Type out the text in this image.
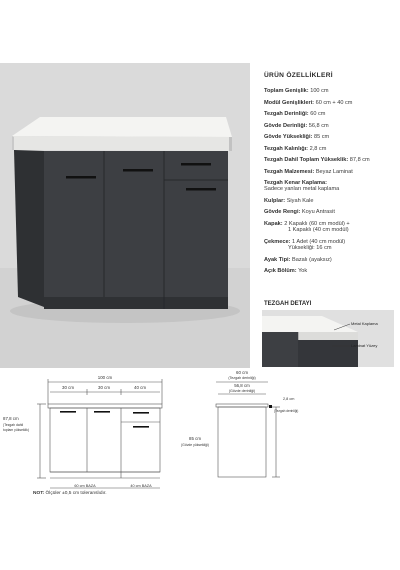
ÜRÜN ÖZELLİKLERİ
Toplam Genişlik: 100 cm
Modül Genişlikleri: 60 cm + 40 cm
Tezgah Derinliği: 60 cm
Gövde Derinliği: 56,8 cm
Gövde Yüksekliği: 85 cm
Tezgah Kalınlığı: 2,8 cm
Tezgah Dahil Toplam Yükseklik: 87,8 cm
Tezgah Malzemesi: Beyaz Laminat
Tezgah Kenar Kaplama:
Sadece yanları metal kaplama
Kulplar: Siyah Kale
Gövde Rengi: Koyu Antrasit
Kapak: 2 Kapaklı (60 cm modül) +
1 Kapaklı (40 cm modül)
Çekmece: 1 Adet (40 cm modül)
Yüksekliği: 16 cm
Ayak Tipi: Bazalı (ayaksız)
Açık Bölüm: Yok
TEZGAH DETAYI
Metal Kaplama
Laminat Yüzey
100 cm
30 cm	30 cm	40 cm
60 cm BAZA	40 cm BAZA
60 cm
(Tezgah derinliği)
56,8 cm
(Gövde derinliği)
87,8 cm
(Tezgah dahil
toplam yükseklik)
85 cm
(Gövde yüksekliği)
2,8 cm
(Tezgah derinliği)
NOT: Ölçüler ±0,5 cm toleranslıdır.
